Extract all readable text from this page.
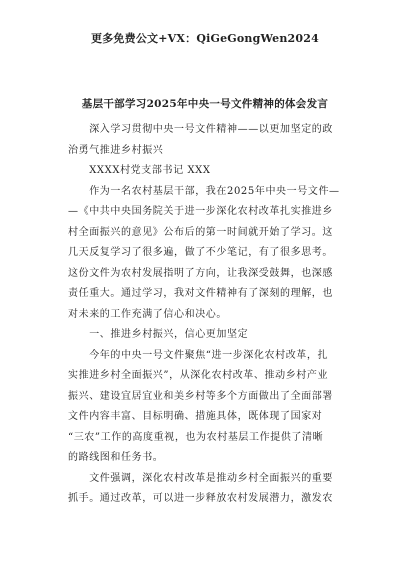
更多免费公文+VX：QiGeGongWen2024
基层干部学习2025年中央一号文件精神的体会发言
　　深入学习贯彻中央一号文件精神——以更加坚定的政
治勇气推进乡村振兴
　　XXXX村党支部书记 XXX
　　作为一名农村基层干部，我在2025年中央一号文件—
—《中共中央国务院关于进一步深化农村改革扎实推进乡
村全面振兴的意见》公布后的第一时间就开始了学习。这
几天反复学习了很多遍，做了不少笔记，有了很多思考。
这份文件为农村发展指明了方向，让我深受鼓舞，也深感
责任重大。通过学习，我对文件精神有了深刻的理解，也
对未来的工作充满了信心和决心。
　　一、推进乡村振兴，信心更加坚定
　　今年的中央一号文件聚焦“进一步深化农村改革，扎
实推进乡村全面振兴”，从深化农村改革、推动乡村产业
振兴、建设宜居宜业和美乡村等多个方面做出了全面部署
文件内容丰富、目标明确、措施具体，既体现了国家对
“三农”工作的高度重视，也为农村基层工作提供了清晰
的路线图和任务书。
　　文件强调，深化农村改革是推动乡村全面振兴的重要
抓手。通过改革，可以进一步释放农村发展潜力，激发农
